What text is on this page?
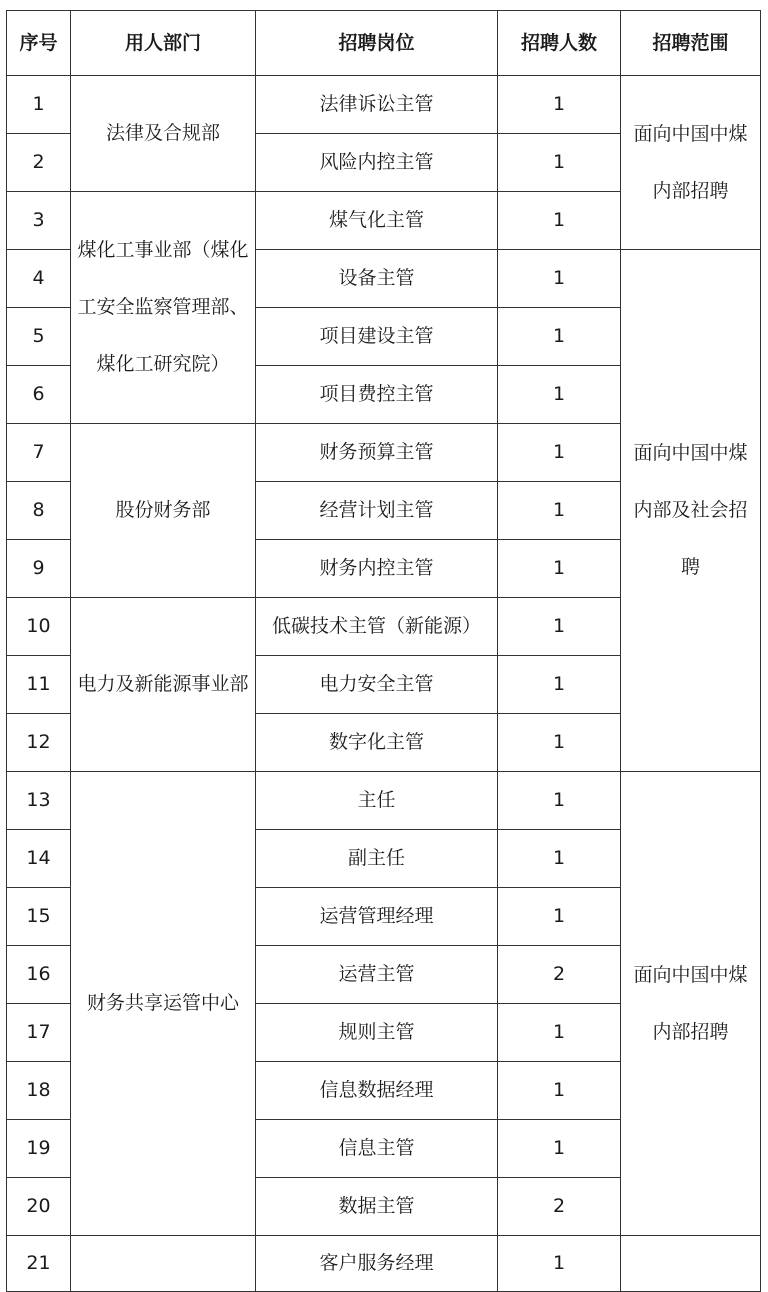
序号	用人部门	招聘岗位	招聘人数	招聘范围
1	法律及合规部	法律诉讼主管	1	面向中国中煤内部招聘
2		风险内控主管	1	
3	煤化工事业部（煤化工安全监察管理部、煤化工研究院）	煤气化主管	1	
4		设备主管	1	面向中国中煤内部及社会招聘
5		项目建设主管	1	
6		项目费控主管	1	
7	股份财务部	财务预算主管	1	
8		经营计划主管	1	
9		财务内控主管	1	
10	电力及新能源事业部	低碳技术主管（新能源）	1	
11		电力安全主管	1	
12		数字化主管	1	
13	财务共享运管中心	主任	1	面向中国中煤内部招聘
14		副主任	1	
15		运营管理经理	1	
16		运营主管	2	
17		规则主管	1	
18		信息数据经理	1	
19		信息主管	1	
20		数据主管	2	
21		客户服务经理	1	
